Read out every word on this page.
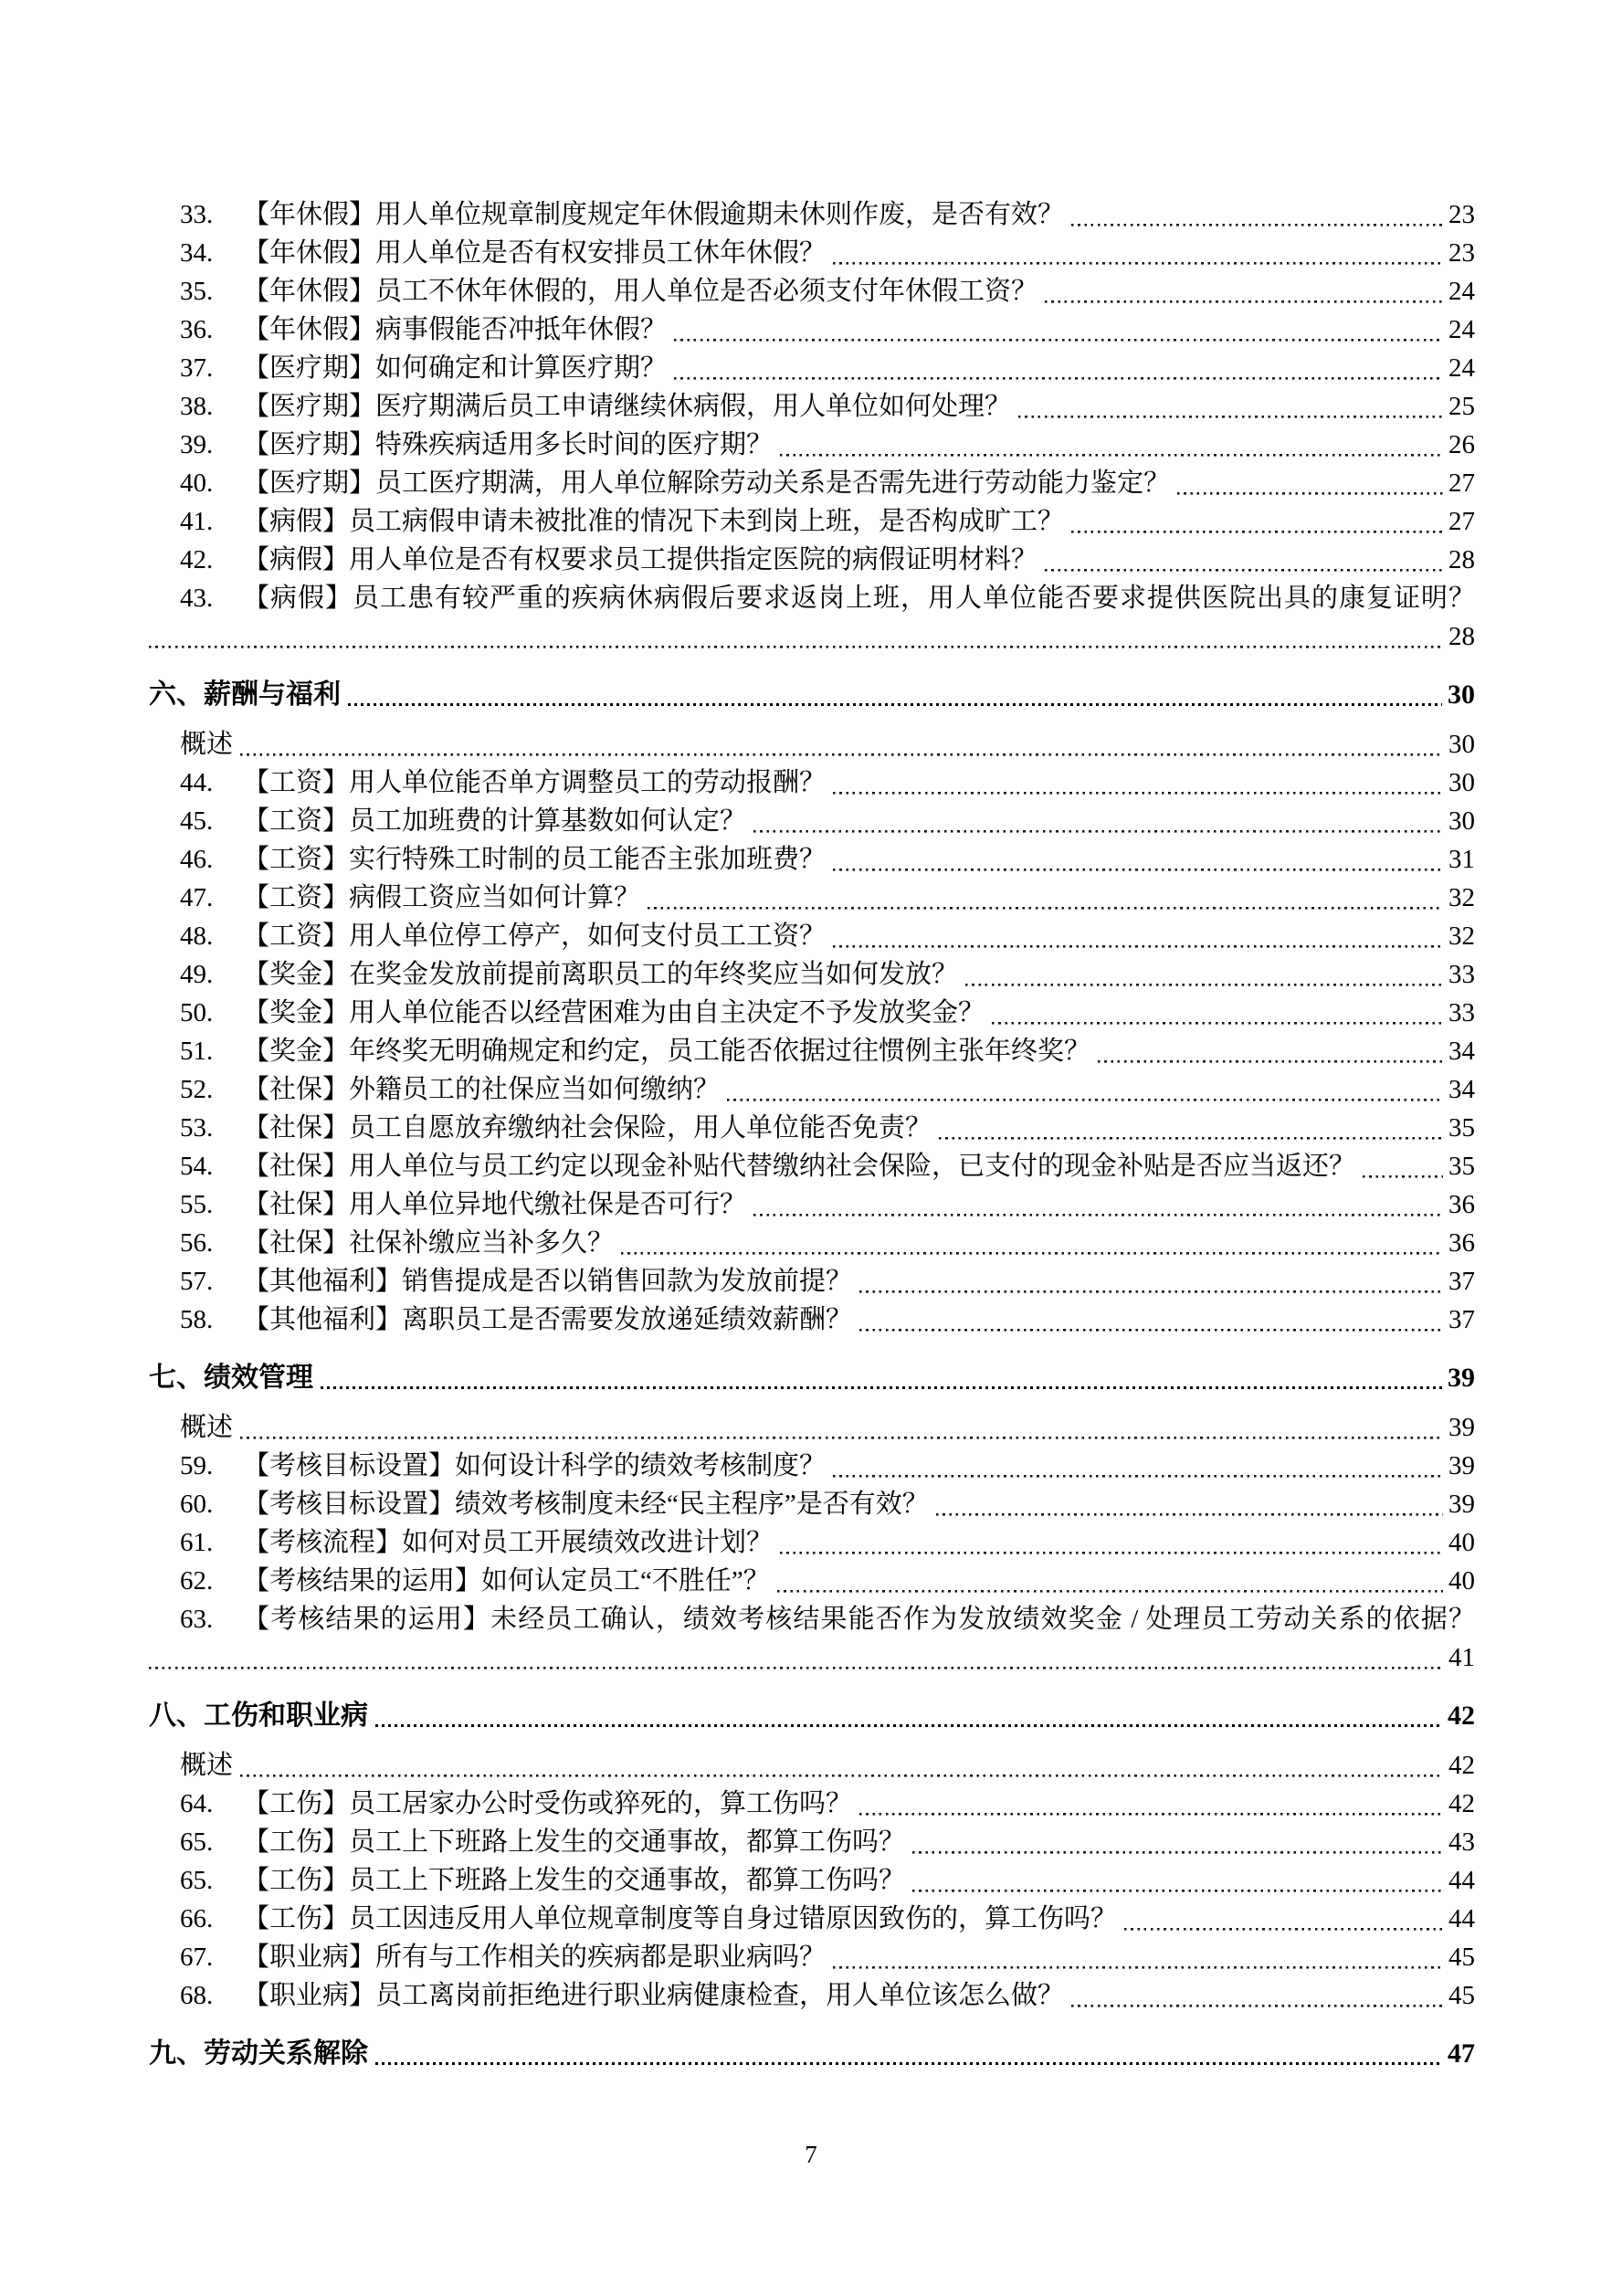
33.	【年休假】用人单位规章制度规定年休假逾期未休则作废，是否有效？	23
34.	【年休假】用人单位是否有权安排员工休年休假？	23
35.	【年休假】员工不休年休假的，用人单位是否必须支付年休假工资？	24
36.	【年休假】病事假能否冲抵年休假？	24
37.	【医疗期】如何确定和计算医疗期？	24
38.	【医疗期】医疗期满后员工申请继续休病假，用人单位如何处理？	25
39.	【医疗期】特殊疾病适用多长时间的医疗期？	26
40.	【医疗期】员工医疗期满，用人单位解除劳动关系是否需先进行劳动能力鉴定？	27
41.	【病假】员工病假申请未被批准的情况下未到岗上班，是否构成旷工？	27
42.	【病假】用人单位是否有权要求员工提供指定医院的病假证明材料？	28
43.	【病假】员工患有较严重的疾病休病假后要求返岗上班，用人单位能否要求提供医院出具的康复证明？
28
六、薪酬与福利	30
概述	30
44.	【工资】用人单位能否单方调整员工的劳动报酬？	30
45.	【工资】员工加班费的计算基数如何认定？	30
46.	【工资】实行特殊工时制的员工能否主张加班费？	31
47.	【工资】病假工资应当如何计算？	32
48.	【工资】用人单位停工停产，如何支付员工工资？	32
49.	【奖金】在奖金发放前提前离职员工的年终奖应当如何发放？	33
50.	【奖金】用人单位能否以经营困难为由自主决定不予发放奖金？	33
51.	【奖金】年终奖无明确规定和约定，员工能否依据过往惯例主张年终奖？	34
52.	【社保】外籍员工的社保应当如何缴纳？	34
53.	【社保】员工自愿放弃缴纳社会保险，用人单位能否免责？	35
54.	【社保】用人单位与员工约定以现金补贴代替缴纳社会保险，已支付的现金补贴是否应当返还？	35
55.	【社保】用人单位异地代缴社保是否可行？	36
56.	【社保】社保补缴应当补多久？	36
57.	【其他福利】销售提成是否以销售回款为发放前提？	37
58.	【其他福利】离职员工是否需要发放递延绩效薪酬？	37
七、绩效管理	39
概述	39
59.	【考核目标设置】如何设计科学的绩效考核制度？	39
60.	【考核目标设置】绩效考核制度未经“民主程序”是否有效？	39
61.	【考核流程】如何对员工开展绩效改进计划？	40
62.	【考核结果的运用】如何认定员工“不胜任”？	40
63.	【考核结果的运用】未经员工确认，绩效考核结果能否作为发放绩效奖金 / 处理员工劳动关系的依据？
41
八、工伤和职业病	42
概述	42
64.	【工伤】员工居家办公时受伤或猝死的，算工伤吗？	42
65.	【工伤】员工上下班路上发生的交通事故，都算工伤吗？	43
65.	【工伤】员工上下班路上发生的交通事故，都算工伤吗？	44
66.	【工伤】员工因违反用人单位规章制度等自身过错原因致伤的，算工伤吗？	44
67.	【职业病】所有与工作相关的疾病都是职业病吗？	45
68.	【职业病】员工离岗前拒绝进行职业病健康检查，用人单位该怎么做？	45
九、劳动关系解除	47
7
